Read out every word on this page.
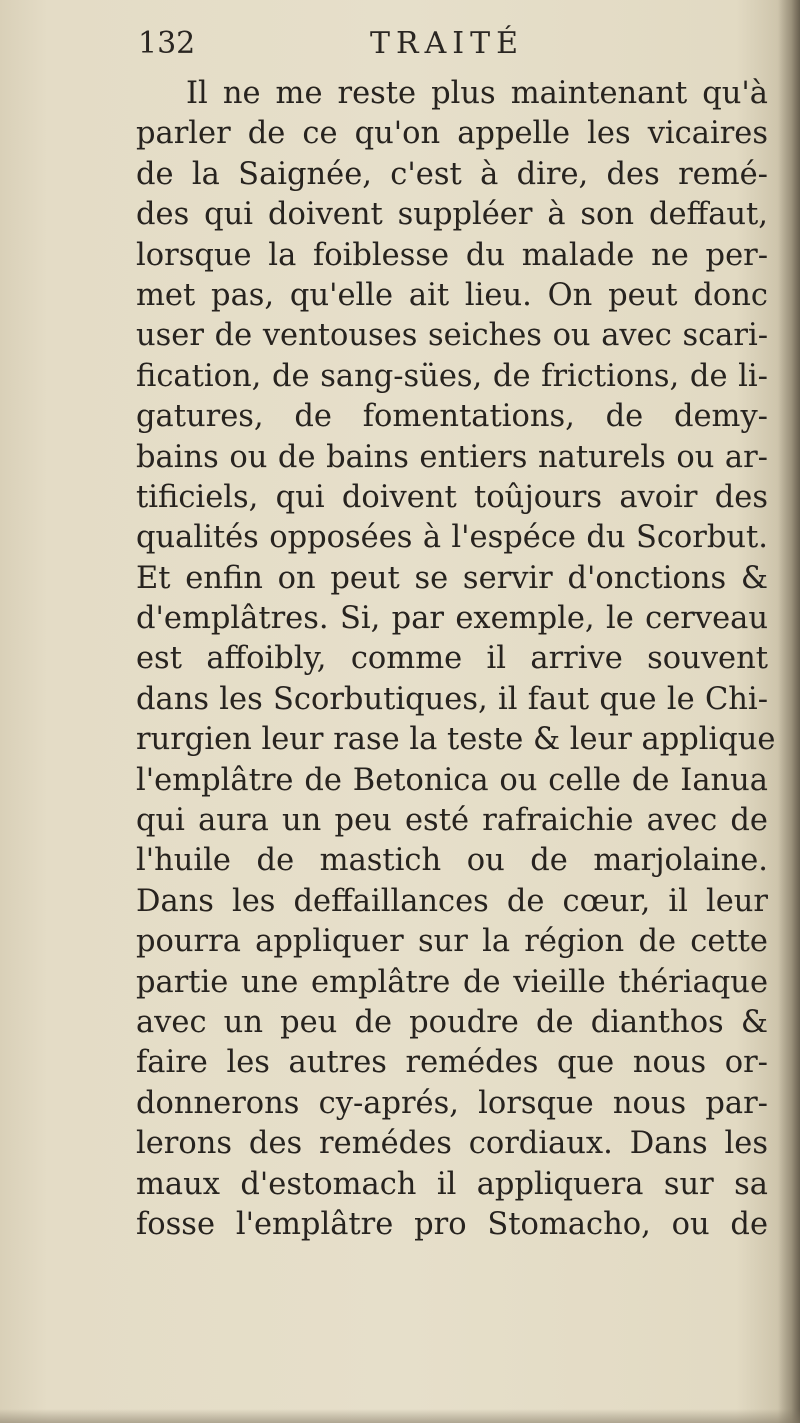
132	TRAITÉ
Il ne me reste plus maintenant qu'à
parler de ce qu'on appelle les vicaires
de la Saignée, c'est à dire, des remé-
des qui doivent suppléer à son deffaut,
lorsque la foiblesse du malade ne per-
met pas, qu'elle ait lieu. On peut donc
user de ventouses seiches ou avec scari-
fication, de sang-sües, de frictions, de li-
gatures, de fomentations, de demy-
bains ou de bains entiers naturels ou ar-
tificiels, qui doivent toûjours avoir des
qualités opposées à l'espéce du Scorbut.
Et enfin on peut se servir d'onctions &
d'emplâtres. Si, par exemple, le cerveau
est affoibly, comme il arrive souvent
dans les Scorbutiques, il faut que le Chi-
rurgien leur rase la teste & leur applique
l'emplâtre de Betonica ou celle de Ianua
qui aura un peu esté rafraichie avec de
l'huile de mastich ou de marjolaine.
Dans les deffaillances de cœur, il leur
pourra appliquer sur la région de cette
partie une emplâtre de vieille thériaque
avec un peu de poudre de dianthos &
faire les autres remédes que nous or-
donnerons cy-aprés, lorsque nous par-
lerons des remédes cordiaux. Dans les
maux d'estomach il appliquera sur sa
fosse l'emplâtre pro Stomacho, ou de
